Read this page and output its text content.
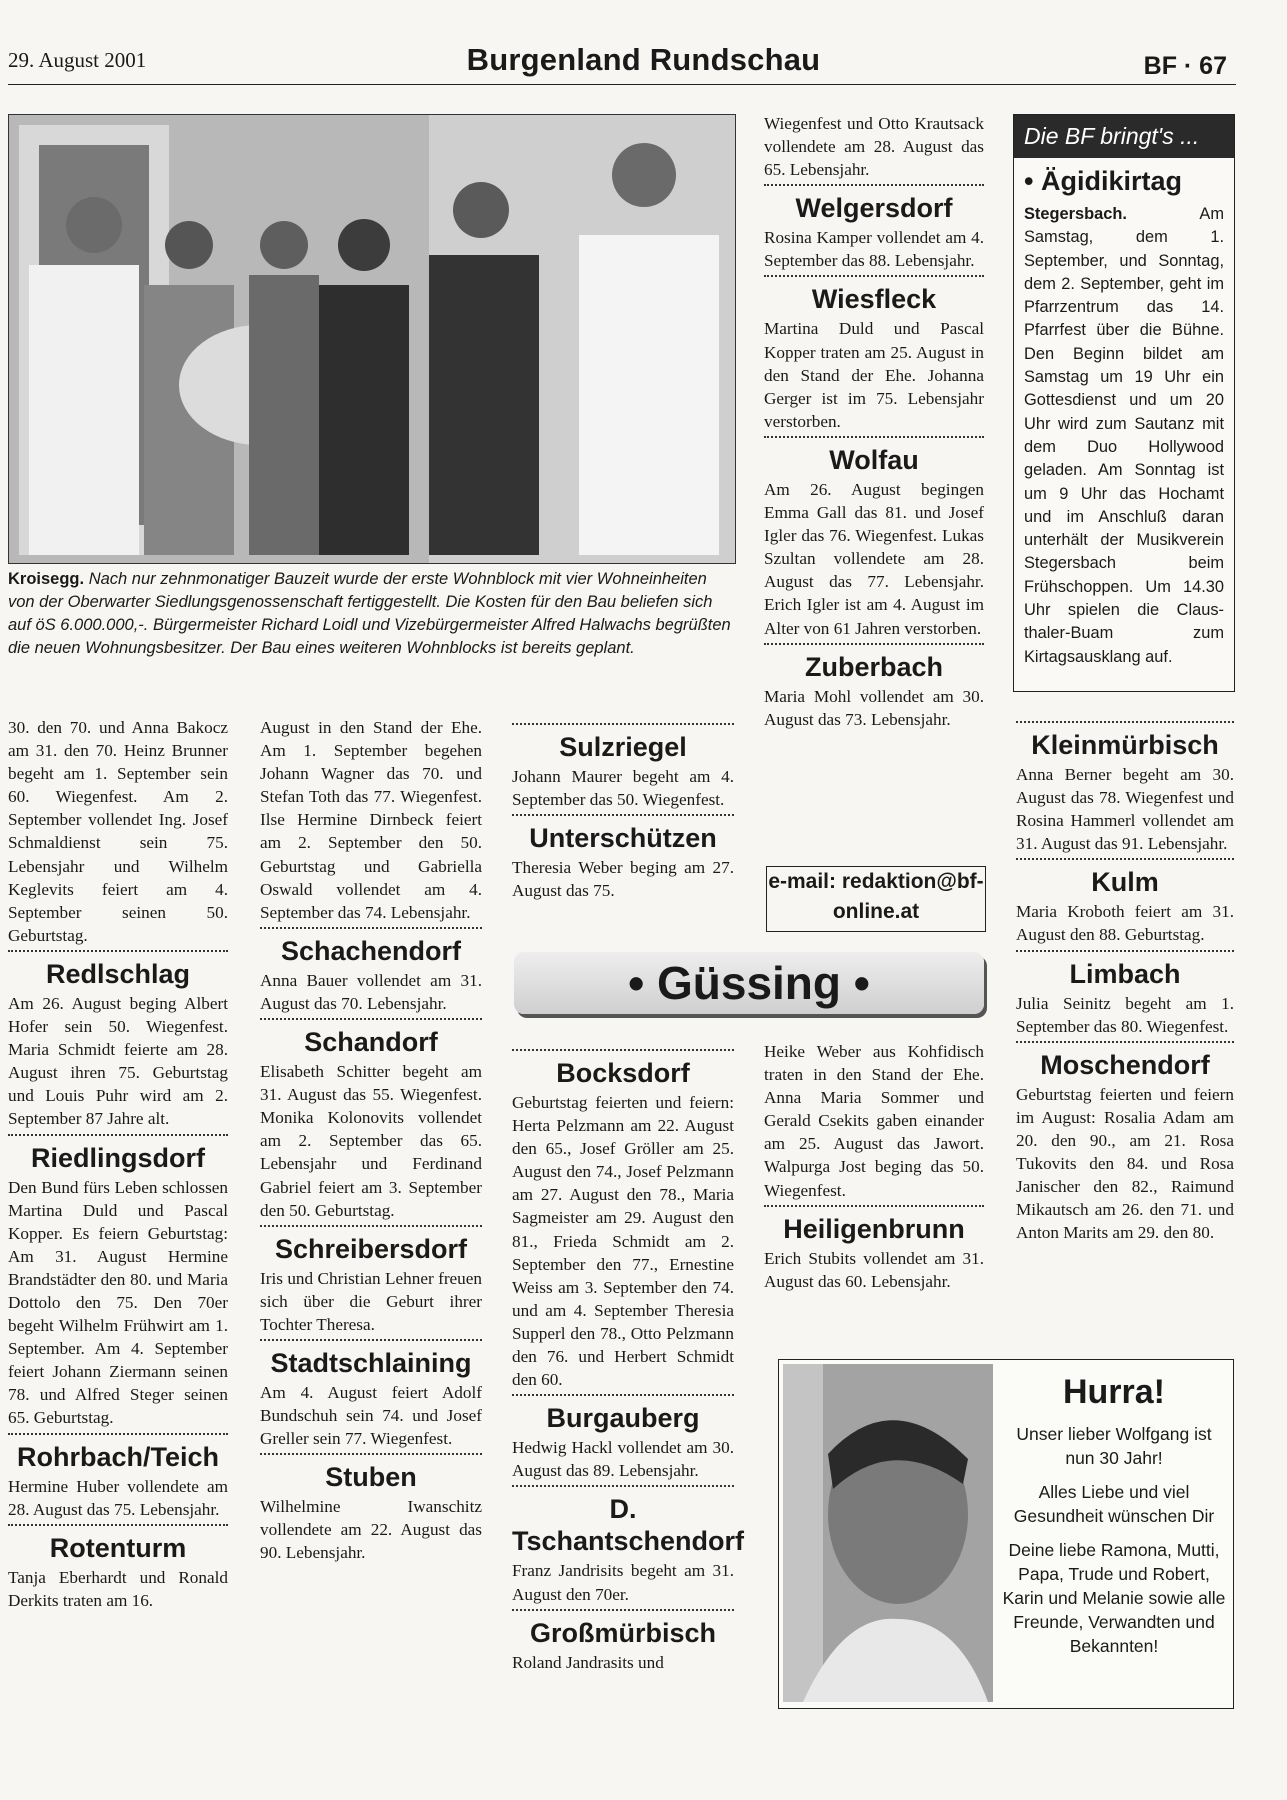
29. August 2001	Burgenland Rundschau	BF · 67
Kroisegg. Nach nur zehnmonatiger Bauzeit wurde der erste Wohnblock mit vier Wohneinheiten von der Oberwarter Siedlungsgenossenschaft fertiggestellt. Die Kosten für den Bau beliefen sich auf öS 6.000.000,-. Bürgermeister Richard Loidl und Vizebürgermeister Alfred Halwachs begrüßten die neuen Wohnungsbesitzer. Der Bau eines weiteren Wohnblocks ist bereits geplant.

30. den 70. und Anna Bakocz am 31. den 70. Heinz Brunner begeht am 1. September sein 60. Wiegenfest. Am 2. September vollendet Ing. Josef Schmaldienst sein 75. Lebensjahr und Wilhelm Keglevits feiert am 4. September seinen 50. Geburtstag.

Redlschlag

Am 26. August beging Albert Hofer sein 50. Wiegenfest. Maria Schmidt feierte am 28. August ihren 75. Geburtstag und Louis Puhr wird am 2. September 87 Jahre alt.

Riedlingsdorf

Den Bund fürs Leben schlossen Martina Duld und Pascal Kopper. Es feiern Geburtstag: Am 31. August Hermine Brandstädter den 80. und Maria Dottolo den 75. Den 70er begeht Wilhelm Frühwirt am 1. September. Am 4. September feiert Johann Ziermann seinen 78. und Alfred Steger seinen 65. Geburtstag.

Rohrbach/Teich

Hermine Huber vollendete am 28. August das 75. Lebensjahr.

Rotenturm

Tanja Eberhardt und Ronald Derkits traten am 16.

August in den Stand der Ehe. Am 1. September begehen Johann Wagner das 70. und Stefan Toth das 77. Wiegenfest. Ilse Hermine Dirnbeck feiert am 2. September den 50. Geburtstag und Gabriella Oswald vollendet am 4. September das 74. Lebensjahr.

Schachendorf

Anna Bauer vollendet am 31. August das 70. Lebensjahr.

Schandorf

Elisabeth Schitter begeht am 31. August das 55. Wiegenfest. Monika Kolonovits vollendet am 2. September das 65. Lebensjahr und Ferdinand Gabriel feiert am 3. September den 50. Geburtstag.

Schreibersdorf

Iris und Christian Lehner freuen sich über die Geburt ihrer Tochter Theresa.

Stadtschlaining

Am 4. August feiert Adolf Bundschuh sein 74. und Josef Greller sein 77. Wiegenfest.

Stuben

Wilhelmine Iwanschitz vollendete am 22. August das 90. Lebensjahr.

Sulzriegel

Johann Maurer begeht am 4. September das 50. Wiegenfest.

Unterschützen

Theresia Weber beging am 27. August das 75.

• Güssing •
Bocksdorf

Geburtstag feierten und feiern: Herta Pelzmann am 22. August den 65., Josef Gröller am 25. August den 74., Josef Pelzmann am 27. August den 78., Maria Sagmeister am 29. August den 81., Frieda Schmidt am 2. September den 77., Ernestine Weiss am 3. September den 74. und am 4. September Theresia Supperl den 78., Otto Pelzmann den 76. und Herbert Schmidt den 60.

Burgauberg

Hedwig Hackl vollendet am 30. August das 89. Lebensjahr.

D. Tschantschendorf

Franz Jandrisits begeht am 31. August den 70er.

Großmürbisch

Roland Jandrasits und

Wiegenfest und Otto Krautsack vollendete am 28. August das 65. Lebensjahr.

Welgersdorf

Rosina Kamper vollendet am 4. September das 88. Lebensjahr.

Wiesfleck

Martina Duld und Pascal Kopper traten am 25. August in den Stand der Ehe. Johanna Gerger ist im 75. Lebensjahr verstorben.

Wolfau

Am 26. August begingen Emma Gall das 81. und Josef Igler das 76. Wiegenfest. Lukas Szultan vollendete am 28. August das 77. Lebensjahr. Erich Igler ist am 4. August im Alter von 61 Jahren verstorben.

Zuberbach

Maria Mohl vollendet am 30. August das 73. Lebensjahr.

e-mail: redaktion@bf-online.at

Heike Weber aus Kohfidisch traten in den Stand der Ehe. Anna Maria Sommer und Gerald Csekits gaben einander am 25. August das Jawort. Walpurga Jost beging das 50. Wiegenfest.

Heiligenbrunn

Erich Stubits vollendet am 31. August das 60. Lebensjahr.

Die BF bringt's ...
• Ägidikirtag

Stegersbach. Am Samstag, dem 1. September, und Sonntag, dem 2. September, geht im Pfarrzentrum das 14. Pfarrfest über die Bühne. Den Beginn bildet am Samstag um 19 Uhr ein Gottesdienst und um 20 Uhr wird zum Sautanz mit dem Duo Hollywood geladen. Am Sonntag ist um 9 Uhr das Hochamt und im Anschluß daran unterhält der Musikverein Stegersbach beim Frühschoppen. Um 14.30 Uhr spielen die Claus-thaler-Buam zum Kirtagsausklang auf.

Kleinmürbisch

Anna Berner begeht am 30. August das 78. Wiegenfest und Rosina Hammerl vollendet am 31. August das 91. Lebensjahr.

Kulm

Maria Kroboth feiert am 31. August den 88. Geburtstag.

Limbach

Julia Seinitz begeht am 1. September das 80. Wiegenfest.

Moschendorf

Geburtstag feierten und feiern im August: Rosalia Adam am 20. den 90., am 21. Rosa Tukovits den 84. und Rosa Janischer den 82., Raimund Mikautsch am 26. den 71. und Anton Marits am 29. den 80.

Hurra!

Unser lieber Wolfgang ist nun 30 Jahr!

Alles Liebe und viel Gesundheit wünschen Dir

Deine liebe Ramona, Mutti, Papa, Trude und Robert, Karin und Melanie sowie alle Freunde, Verwandten und Bekannten!
